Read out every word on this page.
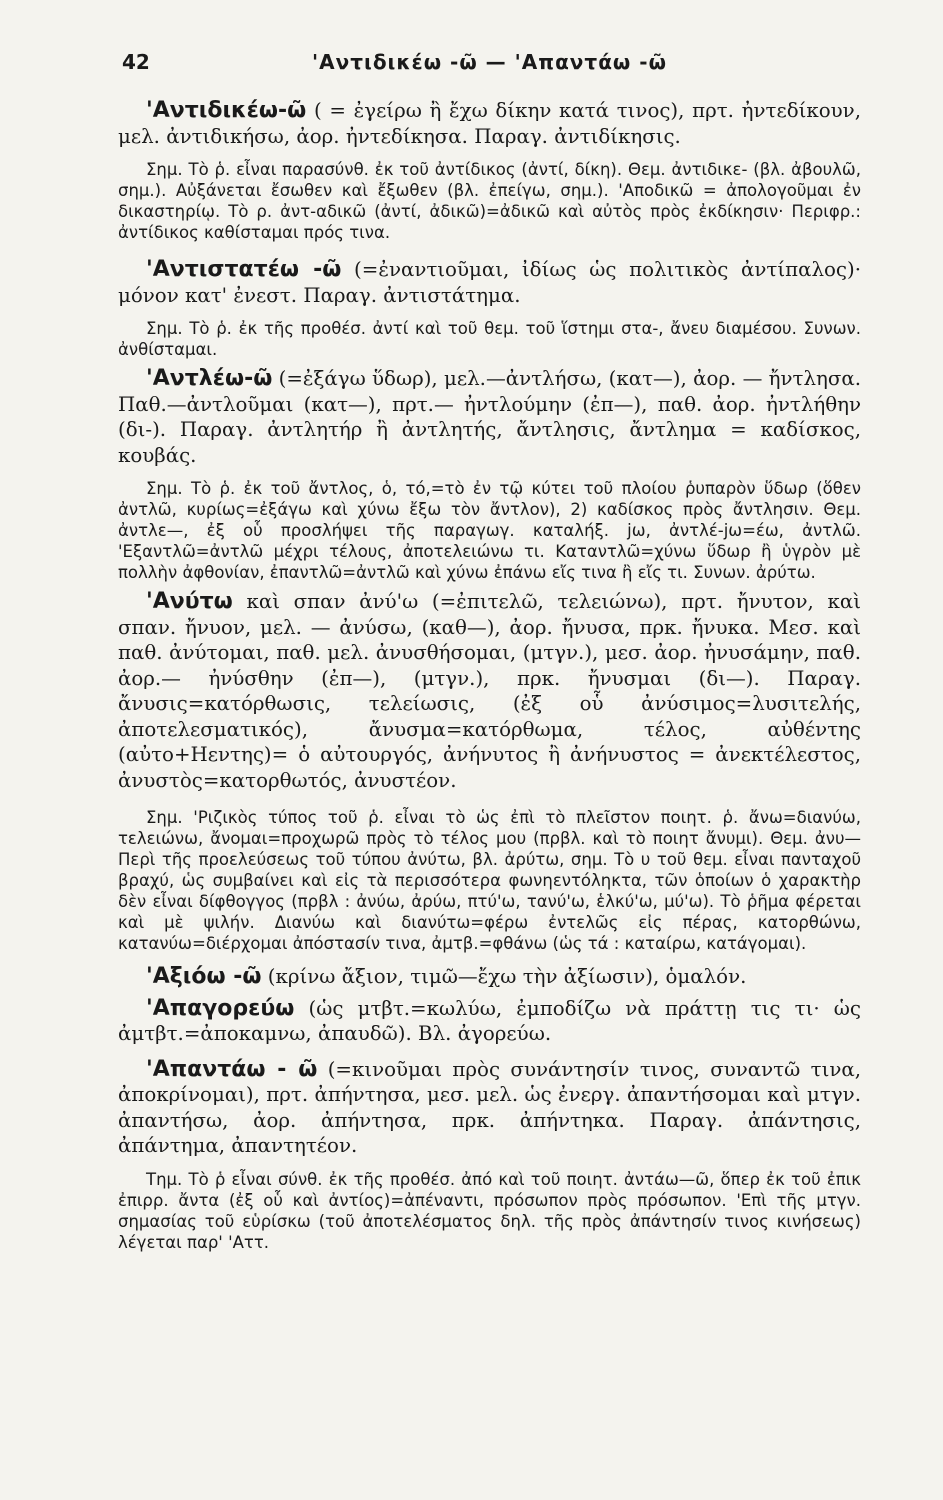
42	'Αντιδικέω -ῶ — 'Απαντάω -ῶ

'Αντιδικέω-ῶ ( = ἐγείρω ἢ ἔχω δίκην κατά τινος), πρτ. ἠντεδίκουν, μελ. ἀντιδικήσω, ἀορ. ἠντεδίκησα. Παραγ. ἀντιδίκησις.

Σημ. Τὸ ῥ. εἶναι παρασύνθ. ἐκ τοῦ ἀντίδικος (ἀντί, δίκη). Θεμ. ἀντιδικε- (βλ. ἀβουλῶ, σημ.). Αὐξάνεται ἔσωθεν καὶ ἔξωθεν (βλ. ἐπείγω, σημ.). 'Αποδικῶ = ἀπολογοῦμαι ἐν δικαστηρίῳ. Τὸ ρ. ἀντ-αδικῶ (ἀντί, ἀδικῶ)=ἀδικῶ καὶ αὐτὸς πρὸς ἐκδίκησιν· Περιφρ.: ἀντίδικος καθίσταμαι πρός τινα.

'Αντιστατέω -ῶ (=ἐναντιοῦμαι, ἰδίως ὡς πολιτικὸς ἀντίπαλος)· μόνον κατ' ἐνεστ. Παραγ. ἀντιστάτημα.

Σημ. Τὸ ῥ. ἐκ τῆς προθέσ. ἀντί καὶ τοῦ θεμ. τοῦ ἵστημι στα-, ἄνευ διαμέσου. Συνων. ἀνθίσταμαι.

'Αντλέω-ῶ (=ἐξάγω ὕδωρ), μελ.—ἀντλήσω, (κατ—), ἀορ. — ἤντλησα. Παθ.—ἀντλοῦμαι (κατ—), πρτ.— ἠντλούμην (ἐπ—), παθ. ἀορ. ἠντλήθην (δι-). Παραγ. ἀντλητήρ ἢ ἀντλητής, ἄντλησις, ἄντλημα = καδίσκος, κουβάς.

Σημ. Τὸ ῥ. ἐκ τοῦ ἄντλος, ὁ, τό,=τὸ ἐν τῷ κύτει τοῦ πλοίου ῥυπαρὸν ὕδωρ (ὅθεν ἀντλῶ, κυρίως=ἐξάγω καὶ χύνω ἔξω τὸν ἄντλον), 2) καδίσκος πρὸς ἄντλησιν. Θεμ. ἀντλε—, ἐξ οὗ προσλήψει τῆς παραγωγ. καταλήξ. jω, ἀντλέ-jω=έω, ἀντλῶ. 'Εξαντλῶ=ἀντλῶ μέχρι τέλους, ἀποτελειώνω τι. Καταντλῶ=χύνω ὕδωρ ἢ ὑγρὸν μὲ πολλὴν ἀφθονίαν, ἐπαντλῶ=ἀντλῶ καὶ χύνω ἐπάνω εἴς τινα ἢ εἴς τι. Συνων. ἀρύτω.

'Ανύτω καὶ σπαν ἀνύ'ω (=ἐπιτελῶ, τελειώνω), πρτ. ἤνυτον, καὶ σπαν. ἤνυον, μελ. — ἀνύσω, (καθ—), ἀορ. ἤνυσα, πρκ. ἤνυκα. Μεσ. καὶ παθ. ἀνύτομαι, παθ. μελ. ἀνυσθήσομαι, (μτγν.), μεσ. ἀορ. ἠνυσάμην, παθ. ἀορ.— ἠνύσθην (ἐπ—), (μτγν.), πρκ. ἤνυσμαι (δι—). Παραγ. ἄνυσις=κατόρθωσις, τελείωσις, (ἐξ οὗ ἀνύσιμος=λυσιτελής, ἀποτελεσματικός), ἄνυσμα=κατόρθωμα, τέλος, αὐθέντης (αὐτο+Ηεντης)= ὁ αὐτουργός, ἀνήνυτος ἢ ἀνήνυστος = ἀνεκτέλεστος, ἀνυστὸς=κατορθωτός, ἀνυστέον.

Σημ. 'Ριζικὸς τύπος τοῦ ῥ. εἶναι τὸ ὡς ἐπὶ τὸ πλεῖστον ποιητ. ῥ. ἄνω=διανύω, τελειώνω, ἄνομαι=προχωρῶ πρὸς τὸ τέλος μου (πρβλ. καὶ τὸ ποιητ ἄνυμι). Θεμ. ἀνυ— Περὶ τῆς προελεύσεως τοῦ τύπου ἀνύτω, βλ. ἀρύτω, σημ. Τὸ υ τοῦ θεμ. εἶναι πανταχοῦ βραχύ, ὡς συμβαίνει καὶ εἰς τὰ περισσότερα φωνηεντόληκτα, τῶν ὁποίων ὁ χαρακτὴρ δὲν εἶναι δίφθογγος (πρβλ : ἀνύω, ἀρύω, πτύ'ω, τανύ'ω, ἑλκύ'ω, μύ'ω). Τὸ ῥῆμα φέρεται καὶ μὲ ψιλήν. Διανύω καὶ διανύτω=φέρω ἐντελῶς εἰς πέρας, κατορθώνω, κατανύω=διέρχομαι ἀπόστασίν τινα, ἀμτβ.=φθάνω (ὡς τά : καταίρω, κατάγομαι).

'Αξιόω -ῶ (κρίνω ἄξιον, τιμῶ—ἔχω τὴν ἀξίωσιν), ὁμαλόν.

'Απαγορεύω (ὡς μτβτ.=κωλύω, ἐμποδίζω νὰ πράττῃ τις τι· ὡς ἀμτβτ.=ἀποκαμνω, ἀπαυδῶ). Βλ. ἀγορεύω.

'Απαντάω - ῶ (=κινοῦμαι πρὸς συνάντησίν τινος, συναντῶ τινα, ἀποκρίνομαι), πρτ. ἀπήντησα, μεσ. μελ. ὡς ἐνεργ. ἀπαντήσομαι καὶ μτγν. ἀπαντήσω, ἀορ. ἀπήντησα, πρκ. ἀπήντηκα. Παραγ. ἀπάντησις, ἀπάντημα, ἀπαντητέον.

Τημ. Τὸ ῥ εἶναι σύνθ. ἐκ τῆς προθέσ. ἀπό καὶ τοῦ ποιητ. ἀντάω—ῶ, ὅπερ ἐκ τοῦ ἐπικ ἐπιρρ. ἄντα (ἐξ οὗ καὶ ἀντίος)=ἀπέναντι, πρόσωπον πρὸς πρόσωπον. 'Επὶ τῆς μτγν. σημασίας τοῦ εὑρίσκω (τοῦ ἀποτελέσματος δηλ. τῆς πρὸς ἀπάντησίν τινος κινήσεως) λέγεται παρ' 'Αττ.
